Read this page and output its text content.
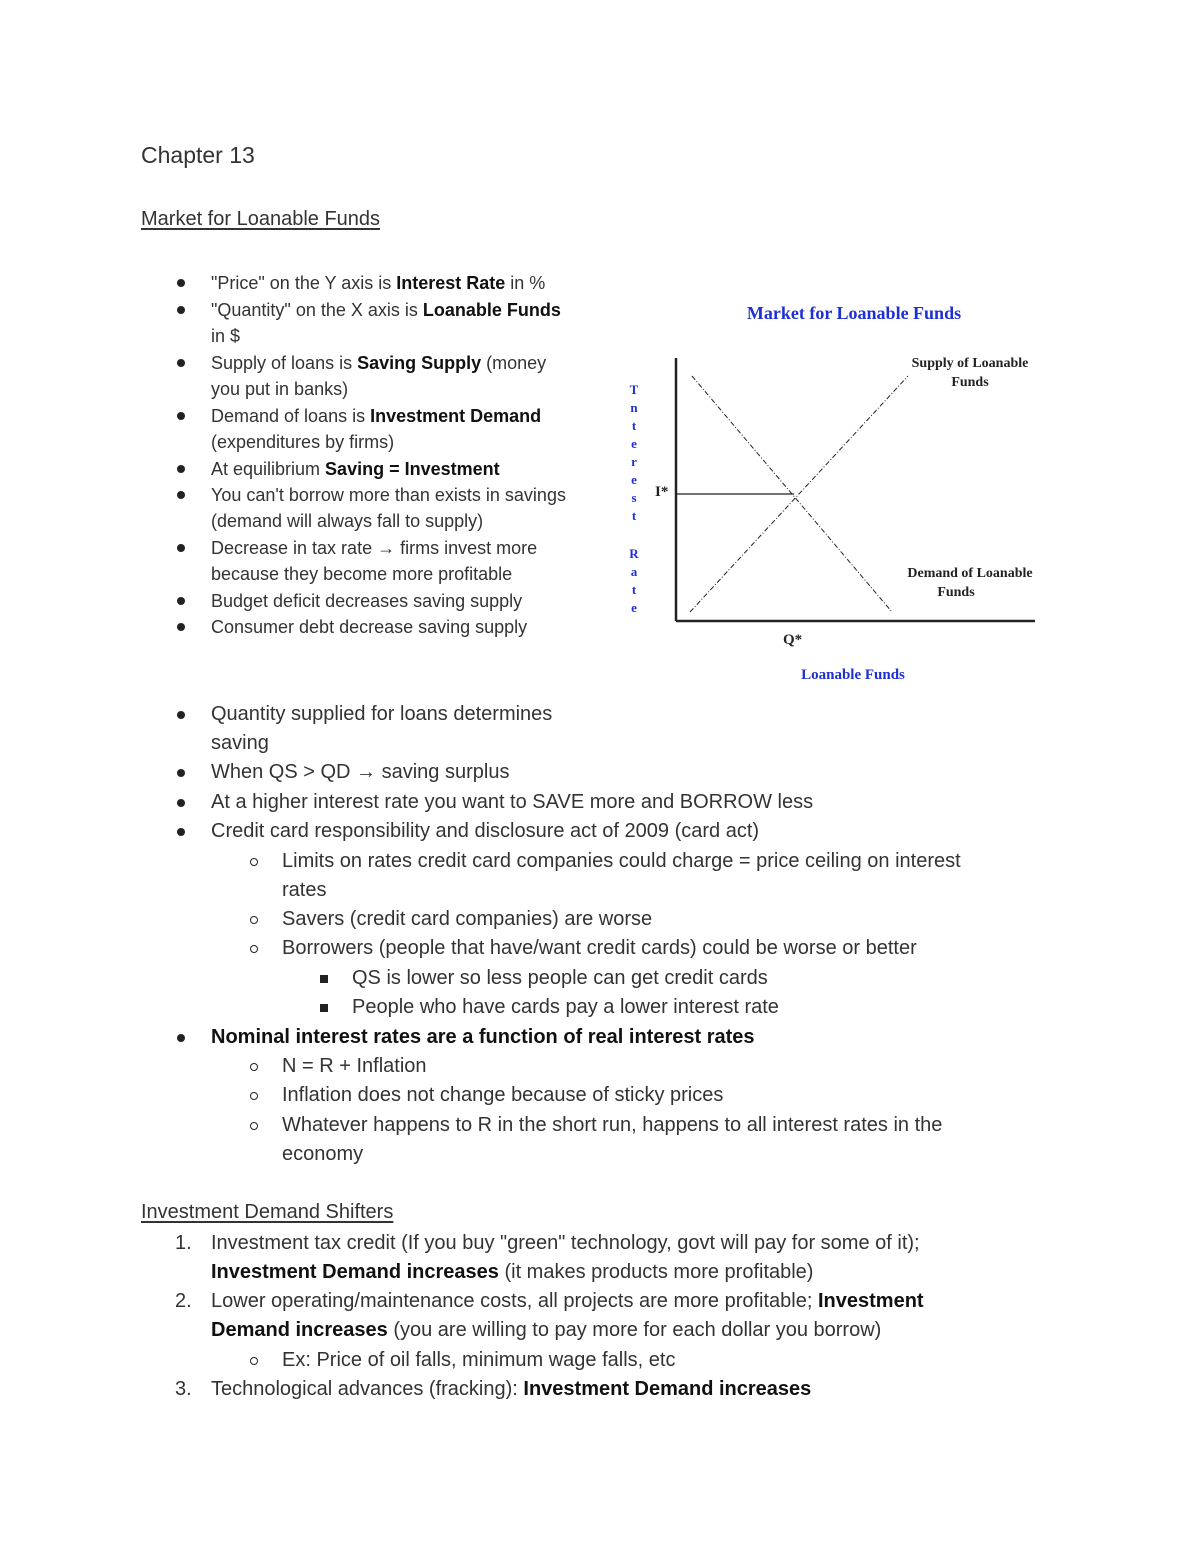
Chapter 13
Market for Loanable Funds
"Price" on the Y axis is Interest Rate in %
"Quantity" on the X axis is Loanable Funds
in $
Supply of loans is Saving Supply (money
you put in banks)
Demand of loans is Investment Demand
(expenditures by firms)
At equilibrium Saving = Investment
You can't borrow more than exists in savings
(demand will always fall to supply)
Decrease in tax rate → firms invest more
because they become more profitable
Budget deficit decreases saving supply
Consumer debt decrease saving supply
Market for Loanable Funds
T
n
t
e
r
e
s
t
R
a
t
e
I*
Q*
Supply of Loanable
Funds
Demand of Loanable
Funds
Loanable Funds
Quantity supplied for loans determines
saving
When QS > QD → saving surplus
At a higher interest rate you want to SAVE more and BORROW less
Credit card responsibility and disclosure act of 2009 (card act)
Limits on rates credit card companies could charge = price ceiling on interest
rates
Savers (credit card companies) are worse
Borrowers (people that have/want credit cards) could be worse or better
QS is lower so less people can get credit cards
People who have cards pay a lower interest rate
Nominal interest rates are a function of real interest rates
N = R + Inflation
Inflation does not change because of sticky prices
Whatever happens to R in the short run, happens to all interest rates in the
economy
Investment Demand Shifters
1. Investment tax credit (If you buy "green" technology, govt will pay for some of it);
Investment Demand increases (it makes products more profitable)
2. Lower operating/maintenance costs, all projects are more profitable; Investment
Demand increases (you are willing to pay more for each dollar you borrow)
Ex: Price of oil falls, minimum wage falls, etc
3. Technological advances (fracking): Investment Demand increases
